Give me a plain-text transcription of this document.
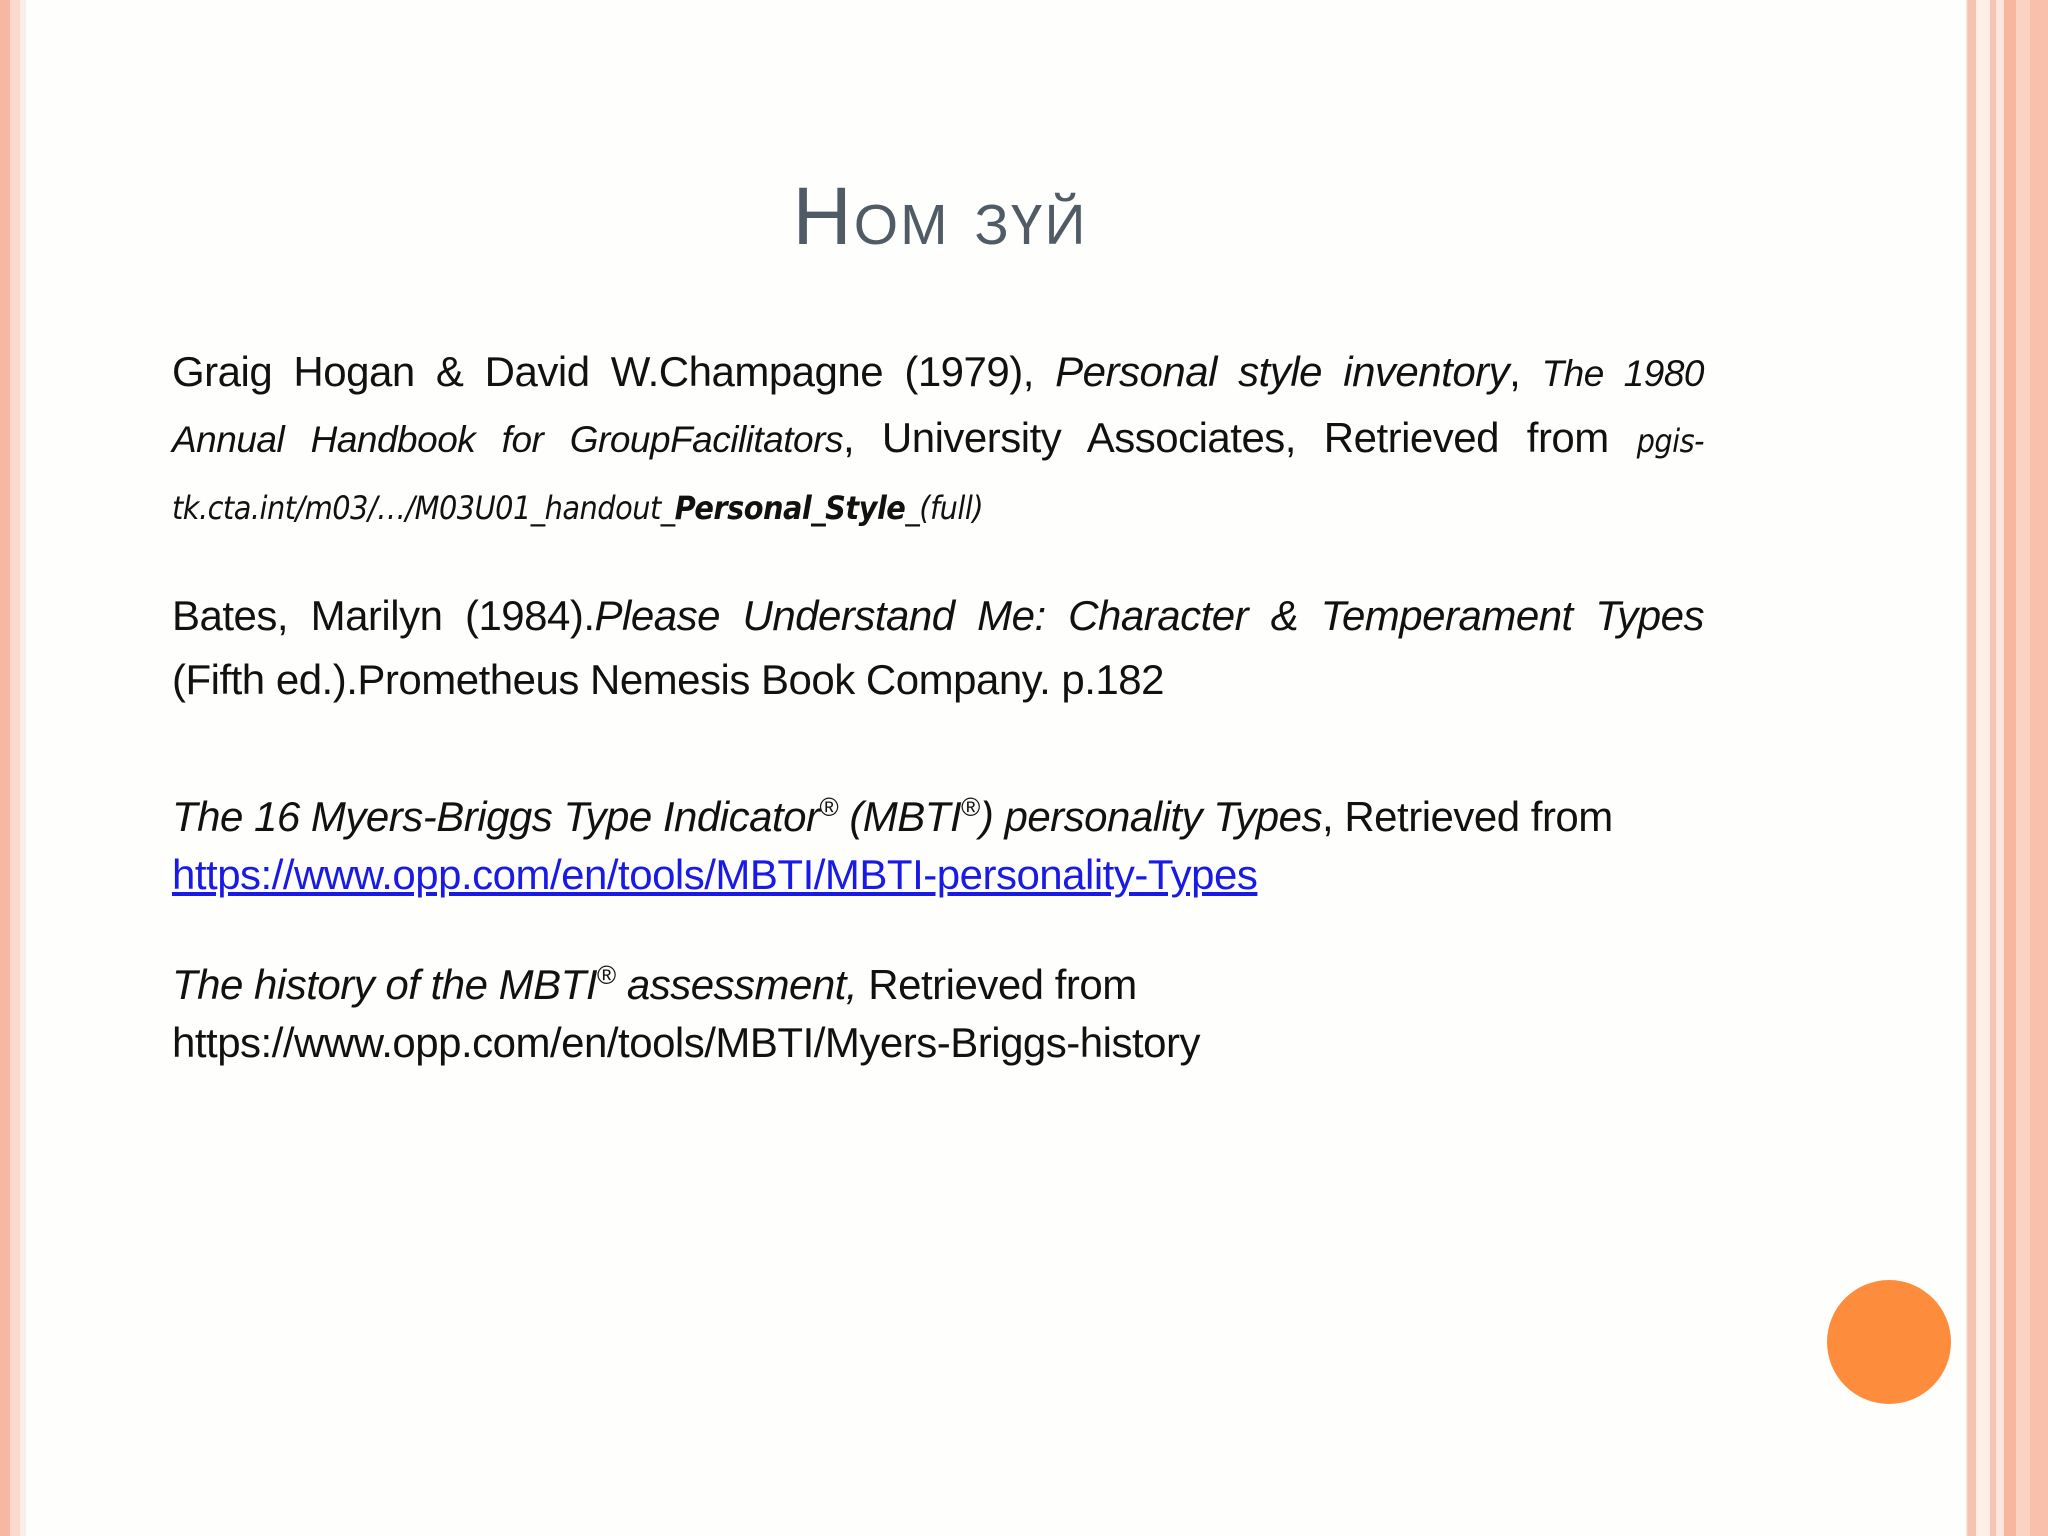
Ном зүй
Graig Hogan & David W.Champagne (1979), Personal style inventory, The 1980 Annual Handbook for GroupFacilitators, University Associates, Retrieved from pgis-tk.cta.int/m03/…/M03U01_handout_Personal_Style_(full)
Bates, Marilyn (1984).Please Understand Me: Character & Temperament Types (Fifth ed.).Prometheus Nemesis Book Company. p.182
The 16 Myers-Briggs Type Indicator® (MBTI®) personality Types, Retrieved from
https://www.opp.com/en/tools/MBTI/MBTI-personality-Types
The history of the MBTI® assessment, Retrieved from
https://www.opp.com/en/tools/MBTI/Myers-Briggs-history
